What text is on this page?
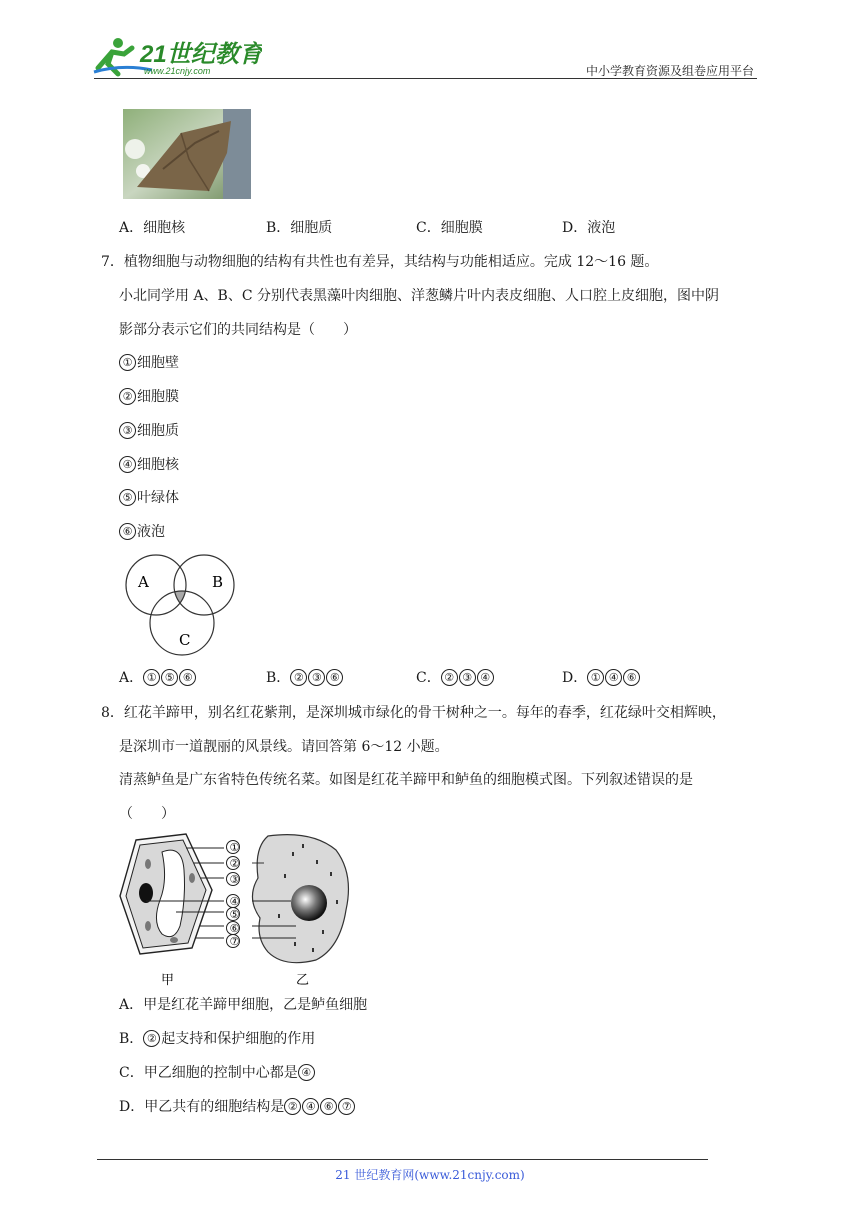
21世纪教育
www.21cnjy.com	中小学教育资源及组卷应用平台
A．细胞核	B．细胞质	C．细胞膜	D．液泡
7．植物细胞与动物细胞的结构有共性也有差异，其结构与功能相适应。完成 12～16 题。
小北同学用 A、B、C 分别代表黑藻叶肉细胞、洋葱鳞片叶内表皮细胞、人口腔上皮细胞，图中阴
影部分表示它们的共同结构是（　　）
① 细胞壁
② 细胞膜
③ 细胞质
④ 细胞核
⑤ 叶绿体
⑥ 液泡
A	B
C
A． ① ⑤ ⑥	B． ② ③ ⑥	C． ② ③ ④	D． ① ④ ⑥
8．红花羊蹄甲，别名红花紫荆，是深圳城市绿化的骨干树种之一。每年的春季，红花绿叶交相辉映，
是深圳市一道靓丽的风景线。请回答第 6～12 小题。
清蒸鲈鱼是广东省特色传统名菜。如图是红花羊蹄甲和鲈鱼的细胞模式图。下列叙述错误的是
（　　）
①
②
③
④
⑤
⑥
⑦
甲	乙
A．甲是红花羊蹄甲细胞，乙是鲈鱼细胞
B． ② 起支持和保护细胞的作用
C．甲乙细胞的控制中心都是 ④
D．甲乙共有的细胞结构是 ② ④ ⑥ ⑦
21 世纪教育网(www.21cnjy.com)
